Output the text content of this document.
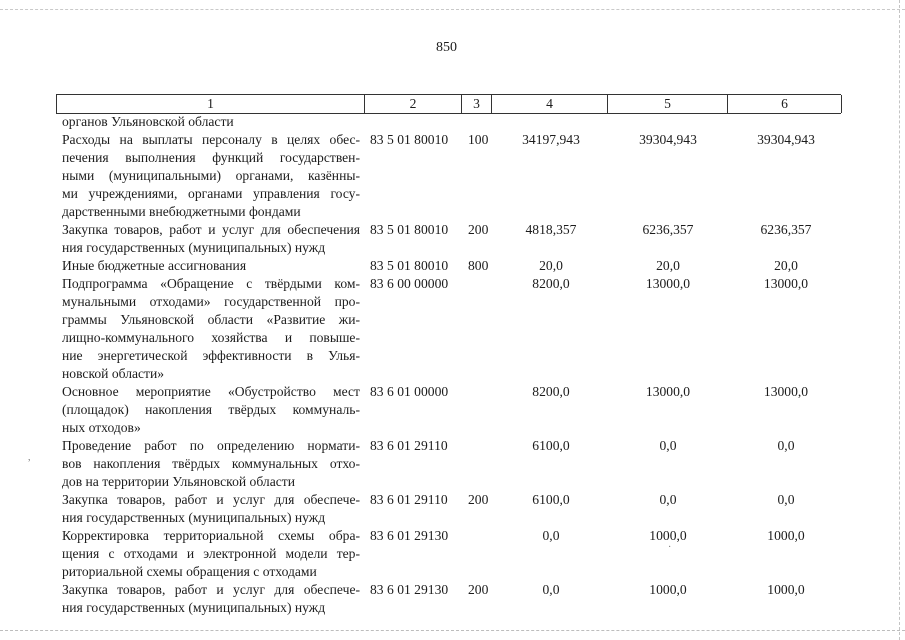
850
1	2	3	4	5	6
органов Ульяновской области
Расходы на выплаты персоналу в целях обес-
печения выполнения функций государствен-
ными (муниципальными) органами, казённы-
ми учреждениями, органами управления госу-
дарственными внебюджетными фондами
83 5 01 80010 100	34197,943	39304,943	39304,943
Закупка товаров, работ и услуг для обеспечения
ния государственных (муниципальных) нужд
83 5 01 80010 200	4818,357	6236,357	6236,357
Иные бюджетные ассигнования	83 5 01 80010 800	20,0	20,0	20,0
Подпрограмма «Обращение с твёрдыми ком-
мунальными отходами» государственной про-
граммы Ульяновской области «Развитие жи-
лищно-коммунального хозяйства и повыше-
ние энергетической эффективности в Улья-
новской области»
83 6 00 00000	8200,0	13000,0	13000,0
Основное мероприятие «Обустройство мест
(площадок) накопления твёрдых коммуналь-
ных отходов»
83 6 01 00000	8200,0	13000,0	13000,0
Проведение работ по определению нормати-
вов накопления твёрдых коммунальных отхо-
дов на территории Ульяновской области
83 6 01 29110	6100,0	0,0	0,0
Закупка товаров, работ и услуг для обеспече-
ния государственных (муниципальных) нужд
83 6 01 29110 200	6100,0	0,0	0,0
Корректировка территориальной схемы обра-
щения с отходами и электронной модели тер-
риториальной схемы обращения с отходами
83 6 01 29130	0,0	1000,0	1000,0
Закупка товаров, работ и услуг для обеспече-
ния государственных (муниципальных) нужд
83 6 01 29130 200	0,0	1000,0	1000,0
,
·
